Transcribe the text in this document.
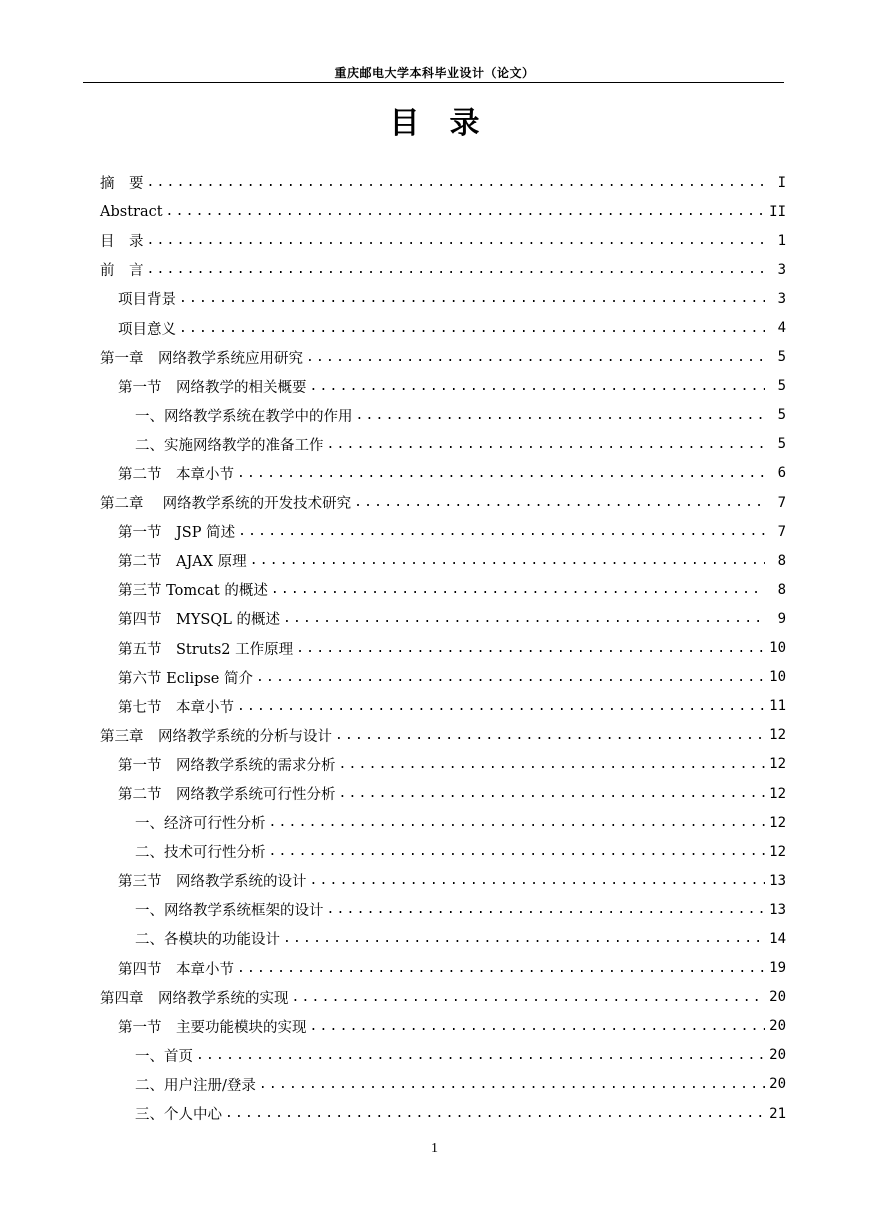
重庆邮电大学本科毕业设计（论文）
目录
摘　要 .....	I
Abstract .....	II
目　录 .....	1
前　言 .....	3
项目背景 .....	3
项目意义 .....	4
第一章　网络教学系统应用研究 .....	5
第一节　网络教学的相关概要 .....	5
一、网络教学系统在教学中的作用 .....	5
二、实施网络教学的准备工作 .....	5
第二节　本章小节 .....	6
第二章　 网络教学系统的开发技术研究 .....	7
第一节　JSP 简述 .....	7
第二节　AJAX 原理 .....	8
第三节 Tomcat 的概述 .....	8
第四节　MYSQL 的概述 .....	9
第五节　Struts2 工作原理 .....	10
第六节 Eclipse 简介 .....	10
第七节　本章小节 .....	11
第三章　网络教学系统的分析与设计 .....	12
第一节　网络教学系统的需求分析 .....	12
第二节　网络教学系统可行性分析 .....	12
一、经济可行性分析 .....	12
二、技术可行性分析 .....	12
第三节　网络教学系统的设计 .....	13
一、网络教学系统框架的设计 .....	13
二、各模块的功能设计 .....	14
第四节　本章小节 .....	19
第四章　网络教学系统的实现 .....	20
第一节　主要功能模块的实现 .....	20
一、首页 .....	20
二、用户注册/登录 .....	20
三、个人中心 .....	21
1
